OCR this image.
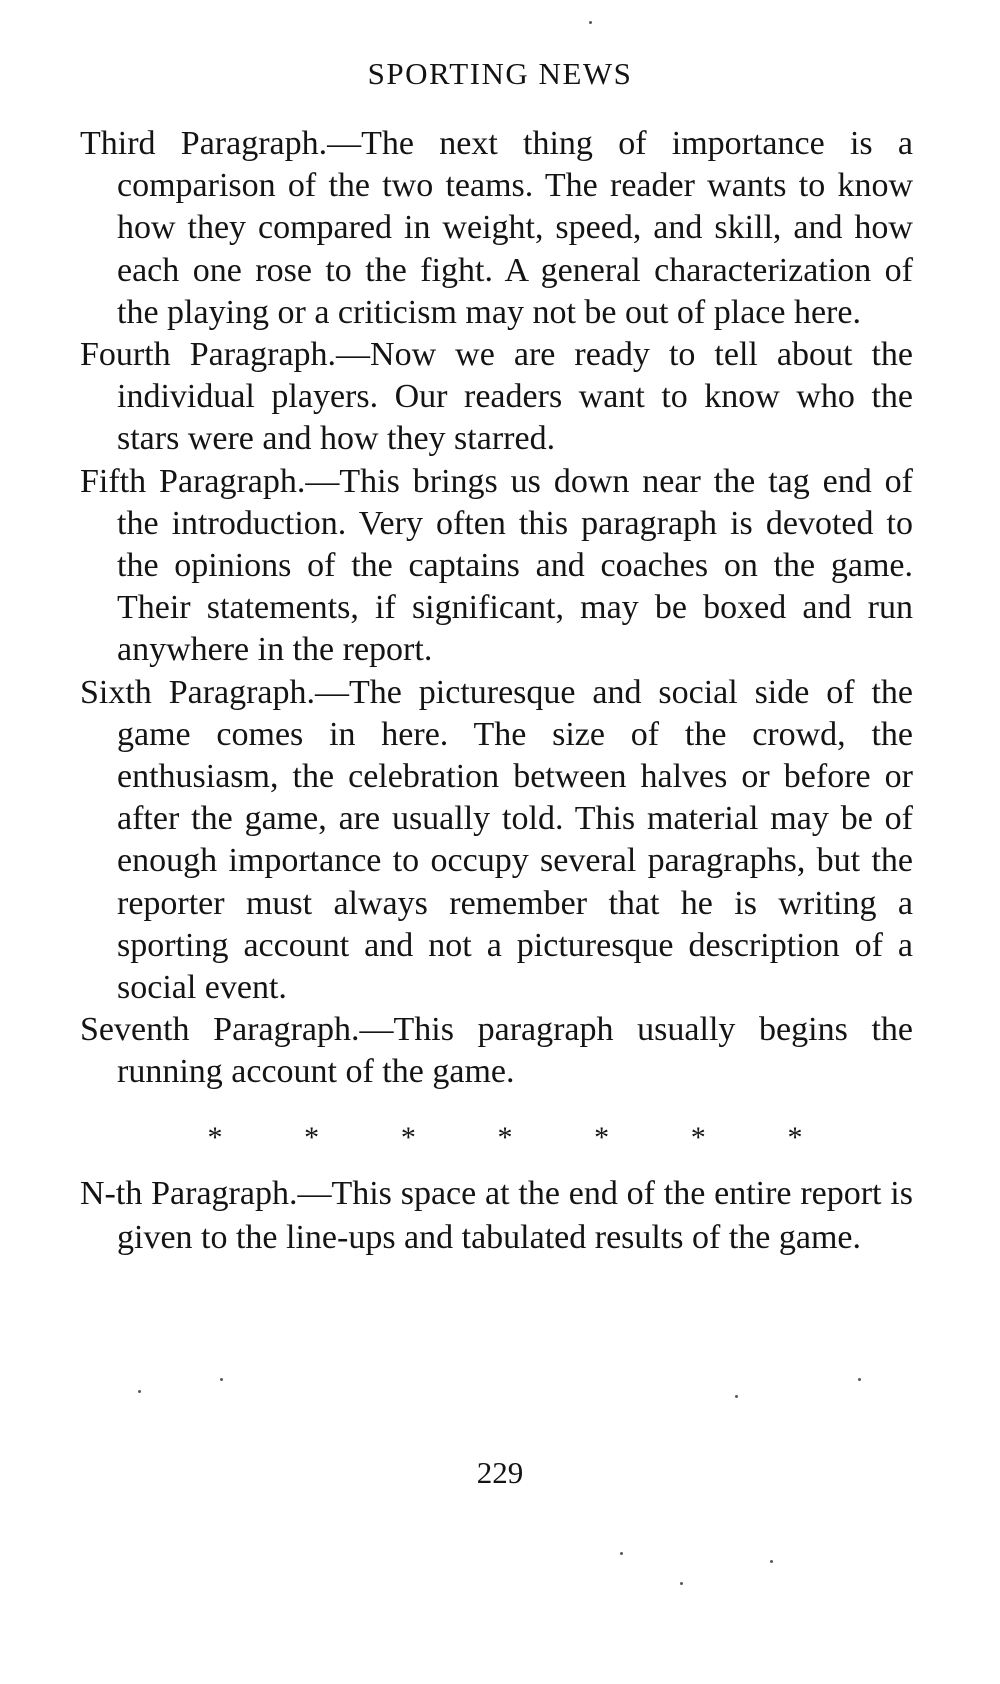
SPORTING NEWS

Third Paragraph.—The next thing of importance is a comparison of the two teams. The reader wants to know how they compared in weight, speed, and skill, and how each one rose to the fight. A general characterization of the playing or a criticism may not be out of place here.

Fourth Paragraph.—Now we are ready to tell about the individual players. Our readers want to know who the stars were and how they starred.

Fifth Paragraph.—This brings us down near the tag end of the introduction. Very often this paragraph is devoted to the opinions of the captains and coaches on the game. Their statements, if significant, may be boxed and run anywhere in the report.

Sixth Paragraph.—The picturesque and social side of the game comes in here. The size of the crowd, the enthusiasm, the celebration between halves or before or after the game, are usually told. This material may be of enough importance to occupy several paragraphs, but the reporter must always remember that he is writing a sporting account and not a picturesque description of a social event.

Seventh Paragraph.—This paragraph usually begins the running account of the game.

*	*	*	*	*	*	*

N-th Paragraph.—This space at the end of the entire report is given to the line-ups and tabulated results of the game.

229
